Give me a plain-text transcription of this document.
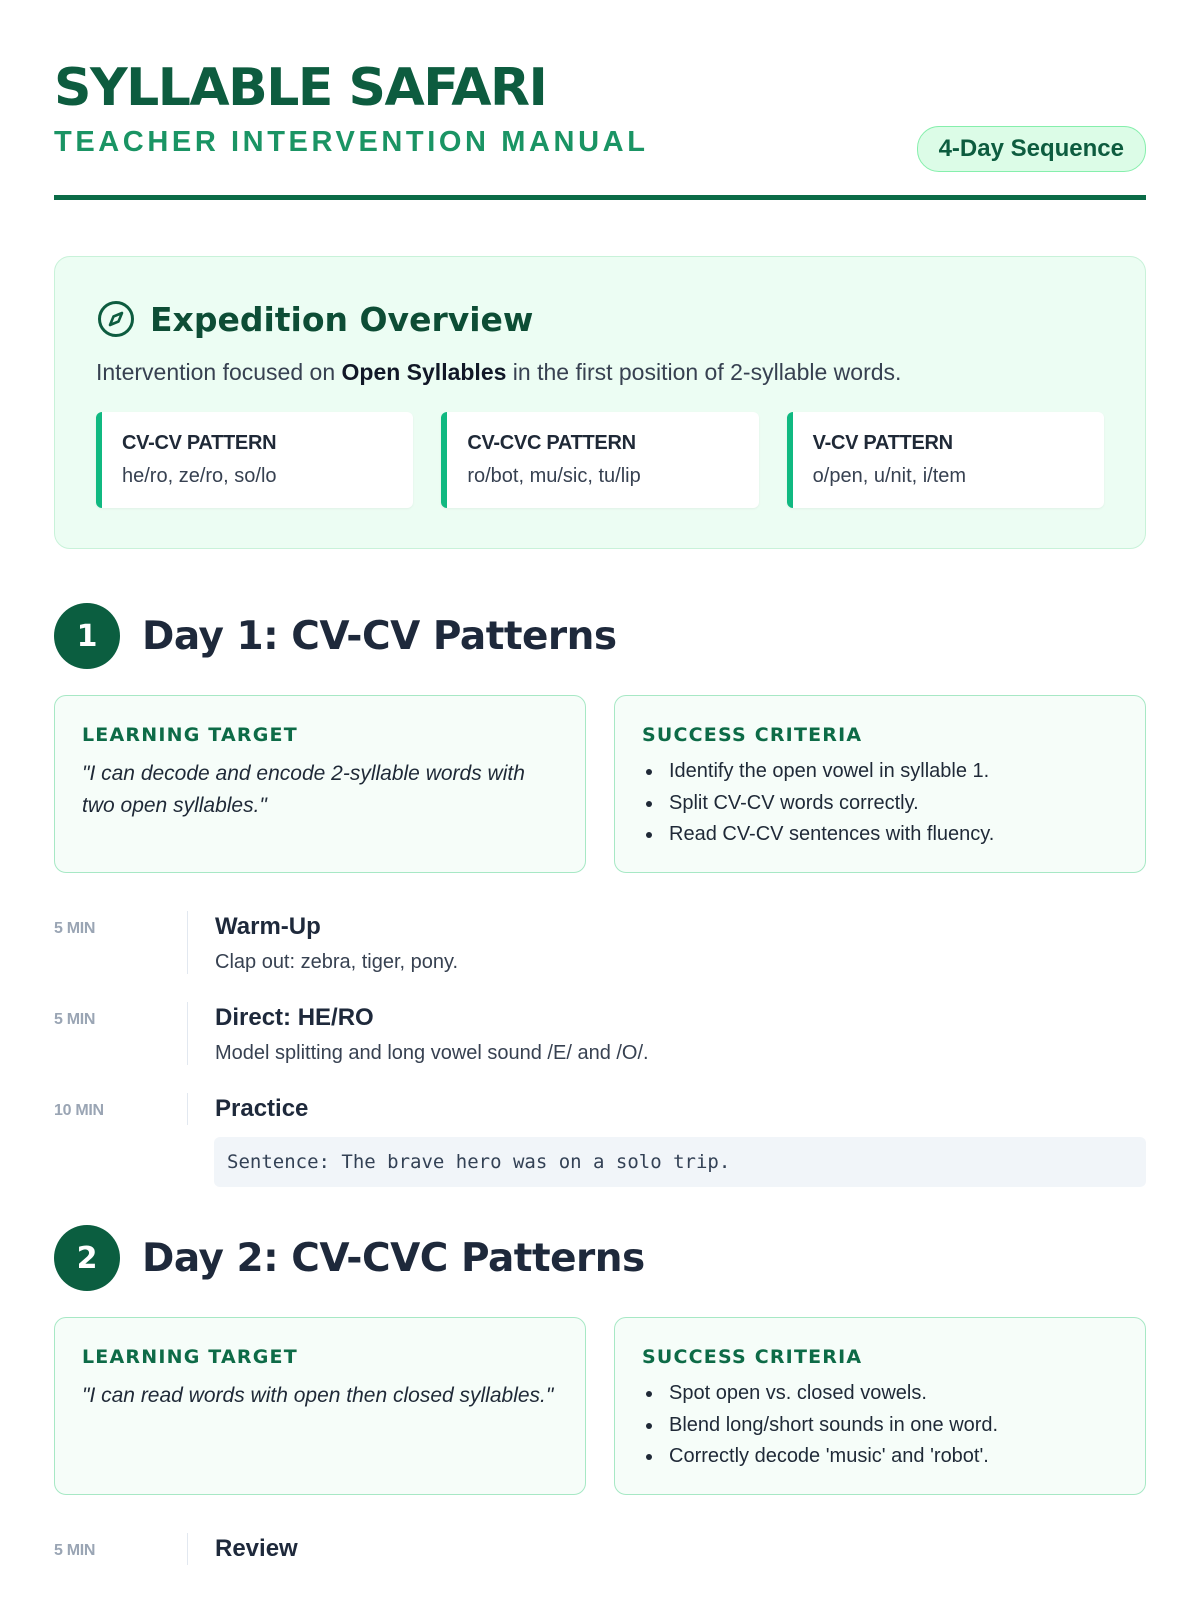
SYLLABLE SAFARI
TEACHER INTERVENTION MANUAL	4-Day Sequence
Expedition Overview

Intervention focused on Open Syllables in the first position of 2-syllable words.

CV-CV PATTERN
he/ro, ze/ro, so/lo
CV-CVC PATTERN
ro/bot, mu/sic, tu/lip
V-CV PATTERN
o/pen, u/nit, i/tem
1	Day 1: CV-CV Patterns
LEARNING TARGET

"I can decode and encode 2-syllable words with two open syllables."

SUCCESS CRITERIA
Identify the open vowel in syllable 1.
Split CV-CV words correctly.
Read CV-CV sentences with fluency.
5 MIN	Warm-Up
Clap out: zebra, tiger, pony.
5 MIN	Direct: HE/RO
Model splitting and long vowel sound /E/ and /O/.
10 MIN	Practice
Sentence: The brave hero was on a solo trip.
2	Day 2: CV-CVC Patterns
LEARNING TARGET

"I can read words with open then closed syllables."

SUCCESS CRITERIA
Spot open vs. closed vowels.
Blend long/short sounds in one word.
Correctly decode 'music' and 'robot'.
5 MIN	Review
